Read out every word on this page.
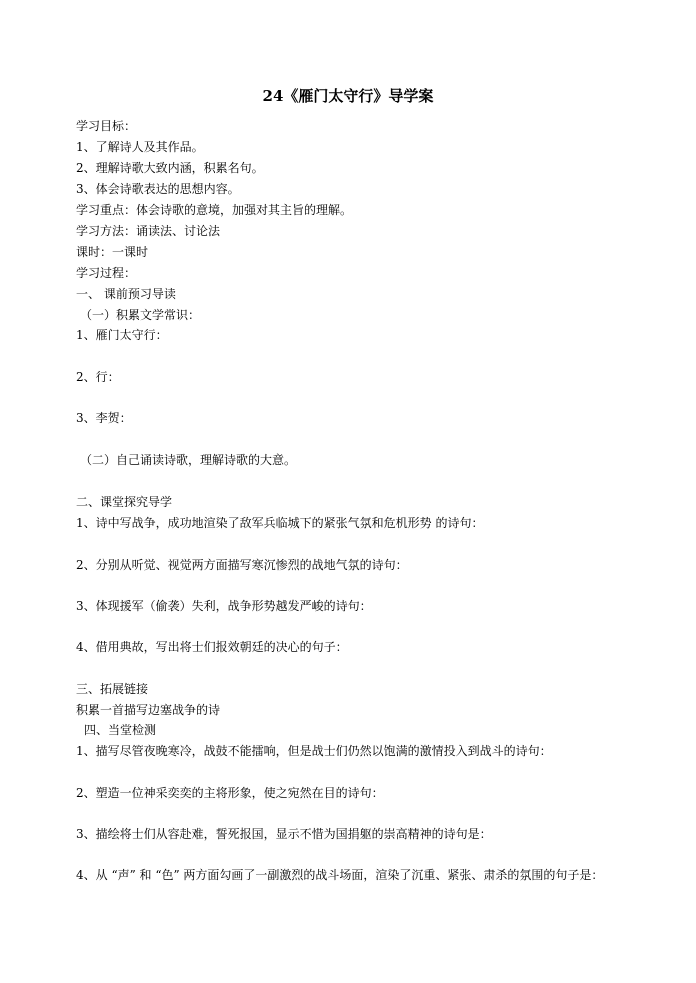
24《雁门太守行》导学案
学习目标：
1、了解诗人及其作品。
2、理解诗歌大致内涵，积累名句。
3、体会诗歌表达的思想内容。
学习重点：体会诗歌的意境，加强对其主旨的理解。
学习方法：诵读法、讨论法
课时：一课时
学习过程：
一、 课前预习导读
（一）积累文学常识：
1、雁门太守行：
2、行：
3、李贺：
（二）自己诵读诗歌，理解诗歌的大意。
二、课堂探究导学
1、诗中写战争，成功地渲染了敌军兵临城下的紧张气氛和危机形势 的诗句：
2、分别从听觉、视觉两方面描写寒沉惨烈的战地气氛的诗句：
3、体现援军（偷袭）失利，战争形势越发严峻的诗句：
4、借用典故，写出将士们报效朝廷的决心的句子：
三、拓展链接
积累一首描写边塞战争的诗
四、当堂检测
1、描写尽管夜晚寒冷，战鼓不能擂响，但是战士们仍然以饱满的激情投入到战斗的诗句：
2、塑造一位神采奕奕的主将形象，使之宛然在目的诗句：
3、描绘将士们从容赴难，誓死报国，显示不惜为国捐躯的崇高精神的诗句是：
4、从 “声” 和 “色” 两方面勾画了一副激烈的战斗场面，渲染了沉重、紧张、肃杀的氛围的句子是：
